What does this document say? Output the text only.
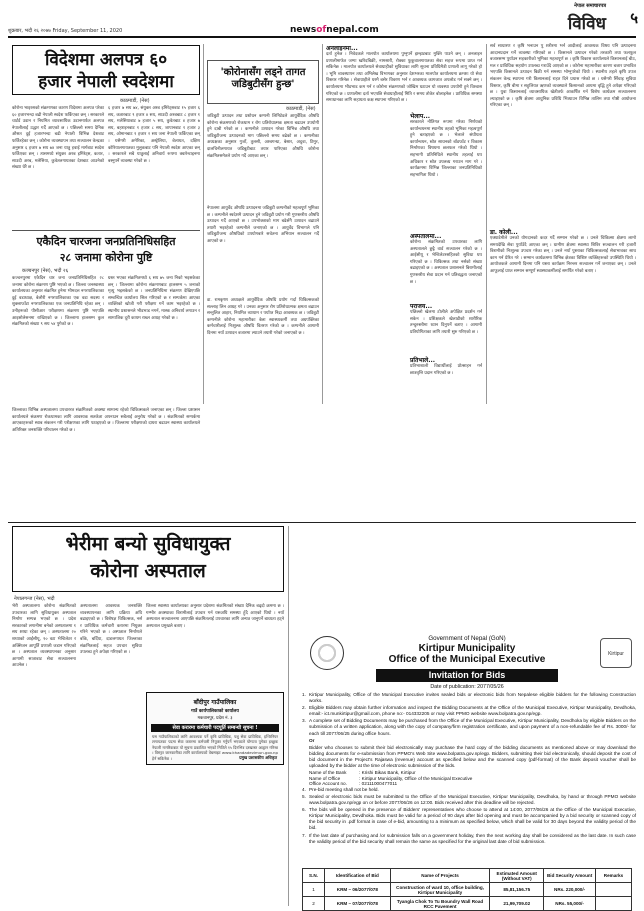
शुक्रबार, भदौ २६ २०७७ Friday, September 11, 2020	newsofnepal.com
नेपाल समाचारपत्र
विविध ५
विदेशमा अलपत्र ६०
हजार नेपाली स्वदेशमा
काठमाडौं, (नेस)
कोरोना भाइरसको संक्रमणका कारण विदेशमा अलपत्र परेका ६० हजारभन्दा बढी नेपाली स्वदेश फर्किएका छन् । सरकारले चार्टर्ड उडान र नियमित व्यावसायिक उडानमार्फत अलपत्र नेपालीलाई उद्धार गर्दै आएको छ । पछिल्लो समय दैनिक औसत दुई हजारभन्दा बढी नेपाली विभिन्न देशबाट फर्किरहेका छन् । कोरोना व्यवस्थापन तथा सञ्चालन केन्द्रका अनुसार ६ हजार ७ सय ७४ जना यात्रु हवाई मार्गबाट स्वदेश फर्किएका छन् । त्यसमध्ये संयुक्त अरब इमिरेट्स, कतार, साउदी अरब, मलेसिया, कुवेतलगायतका देशबाट आउनेको संख्या धेरै छ ।
६ हजार ७ सय ७४, संयुक्त अरब इमिरेट्सबाट १५ हजार ६ सय, कतारबाट ९ हजार ४ सय, साउदी अरबबाट ८ हजार १ सय, मलेसियाबाट ७ हजार ५ सय, कुवेतबाट ४ हजार ७ सय, बहराइनबाट १ हजार ८ सय, जापानबाट १ हजार ३ सय, ओमानबाट १ हजार २ सय जना नेपाली फर्किएका छन् । यसैगरी अमेरिका, अस्ट्रेलिया, बेलायत, दक्षिण कोरियालगायतका मुलुकबाट पनि नेपाली स्वदेश आएका छन् । सरकारले सबै यात्रुलाई अनिवार्य रूपमा क्वारेन्टाइनमा बस्नुपर्ने व्यवस्था गरेको छ ।
'कोरोनासँग लड्ने तागत जडिबुटीसँग हुन्छ'
काठमाडौं, (नेस)
जडिबुटी उत्पादन तथा प्रशोधन कम्पनी लिमिटेडले आयुर्वेदिक औषधि कोरोना संक्रमणको रोकथाम र रोग प्रतिरोधात्मक क्षमता बढाउन उपयोगी हुने दाबी गरेको छ । कम्पनीले उत्पादन गरेका विभिन्न औषधि तथा जडिबुटीजन्य उत्पादनको माग पछिल्लो समय बढेको छ । कम्पनीका अध्यक्षका अनुसार गुर्जो, तुलसी, अश्वगन्धा, बेसार, अदुवा, टिमुर, दालचिनीलगायत जडिबुटीबाट तयार पारिएका औषधि कोरोना संक्रमितसमेतले प्रयोग गर्दै आएका छन् ।
नेपालमा आयुर्वेद औषधि उत्पादनमा जडिबुटी कम्पनीको महत्वपूर्ण भूमिका छ । कम्पनीले स्वदेशमै उत्पादन हुने जडिबुटी प्रयोग गरी गुणस्तरीय औषधि उत्पादन गर्दै आएको छ । उपभोक्ताको माग बढेसँगै उत्पादन बढाउने तयारी भइरहेको कम्पनीले जनाएको छ । आयुर्वेद विभागले पनि जडिबुटीजन्य औषधिको उपयोगबारे सचेतना अभियान सञ्चालन गर्दै आएको छ ।
डा. रामकृष्ण अध्यक्षले आयुर्वेदिक औषधि प्रयोग गर्दा चिकित्सकको सल्लाह लिन आग्रह गरे । उनका अनुसार रोग प्रतिरोधात्मक क्षमता बढाउन सन्तुलित आहार, नियमित व्यायाम र पर्याप्त निद्रा आवश्यक छ । जडिबुटी कम्पनीले कोरोना महामारीका बेला स्वास्थ्यकर्मी तथा अग्रपंक्तिका कर्मचारीलाई निःशुल्क औषधि वितरण गरेको छ । कम्पनीले आगामी दिनमा नयाँ उत्पादन बजारमा ल्याउने तयारी गरेको जनाएको छ ।
एकैदिन चारजना जनप्रतिनिधिसहित
२८ जनामा कोरोना पुष्टि
कञ्चनपुर (नेस), भदौ २६
कञ्चनपुरमा एकैदिन चार जना जनप्रतिनिधिसहित २८ जनामा कोरोना संक्रमण पुष्टि भएको छ । जिल्ला जनस्वास्थ्य कार्यालयका अनुसार संक्रमित हुनेमा भीमदत्त नगरपालिकाका दुई वडाध्यक्ष, बेलौरी नगरपालिकाका एक वडा सदस्य र शुक्लाफाँटा नगरपालिकाका एक जनप्रतिनिधि रहेका छन् । उनीहरूको पीसीआर परीक्षणमा संक्रमण पुष्टि भएपछि आइसोलेसनमा राखिएको छ । जिल्लामा हालसम्म कुल संक्रमितको संख्या ९ सय ५४ पुगेको छ ।
ग्रस्त भएका संक्रमितमध्ये ६ सय ७५ जना निको भइसकेका छन् । जिल्लामा कोरोना संक्रमणबाट हालसम्म ५ जनाको मृत्यु भइसकेको छ । जनप्रतिनिधिमा संक्रमण देखिएपछि सम्बन्धित कार्यालय सिल गरिएको छ र सम्पर्कमा आएका व्यक्तिको खोजी गरी परीक्षण गर्ने काम भइरहेको छ । स्थानीय प्रशासनले भीडभाड नगर्न, मास्क अनिवार्य लगाउन र सामाजिक दूरी कायम राख्न आग्रह गरेको छ ।
जिल्लाका विभिन्न अस्पतालमा उपचाररत संक्रमितको अवस्था सामान्य रहेको चिकित्सकले जनाएका छन् । जिल्ला प्रशासन कार्यालयले संक्रमण रोकथामका लागि आवश्यक सतर्कता अपनाउन सबैलाई अनुरोध गरेको छ । संक्रमितको सम्पर्कमा आएकाहरूको स्वाब संकलन गरी परीक्षणका लागि पठाइएको छ । जिल्लामा परीक्षणको दायरा बढाउन स्वास्थ्य कार्यालयले अतिरिक्त जनशक्ति परिचालन गरेको छ ।
अनलाइनमा...
दर्ता हुनेछ । निवेदकले मालपोत कार्यालयमा पुग्नुपर्ने झन्झटबाट मुक्ति पाउने छन् । अनलाइन प्रणालीमार्फत जग्गा खरिदबिक्री, नामसारी, रोक्का फुकुवालगायतका सेवा सहज रूपमा प्राप्त गर्न सकिनेछ । मालपोत कार्यालयले सेवाग्राहीको सुविधाका लागि सूचना प्रविधिमैत्री प्रणाली लागू गरेको हो । भूमि व्यवस्थापन तथा अभिलेख विभागका अनुसार देशभरका मालपोत कार्यालयमा क्रमशः यो सेवा विस्तार गरिनेछ । सेवाग्राहीले घरमै बसेर विवरण भर्न र आवश्यक कागजात अपलोड गर्न सक्ने छन् । कार्यालयमा भीडभाड कम गर्न र कोरोना संक्रमणको जोखिम घटाउन यो व्यवस्था उपयोगी हुने विश्वास गरिएको छ । प्रणालीमा दर्ता भएपछि सेवाग्राहीलाई मिति र समय तोकेर बोलाइनेछ । प्राविधिक समस्या समाधानका लागि सहायता कक्ष स्थापना गरिएको छ ।
भेलाप...
सरकारले नीतिगत रूपमा गरेका निर्णयको कार्यान्वयनमा स्थानीय तहको भूमिका महत्वपूर्ण हुने बताइएको छ । भेलाले संघीयता कार्यान्वयन, स्रोत साधनको बाँडफाँट र विकास निर्माणका विषयमा छलफल गरेको थियो । सहभागी प्रतिनिधिले स्थानीय तहलाई थप अधिकार र स्रोत उपलब्ध गराउन माग गरे । कार्यक्रममा विभिन्न जिल्लाका जनप्रतिनिधिको सहभागिता थियो ।
अस्पतालमा...
कोरोना संक्रमितको उपचारका लागि अस्पतालले छुट्टै वार्ड सञ्चालन गरेको छ । आईसीयू र भेन्टिलेटरसहितको सुविधा थप गरिएको छ । चिकित्सक तथा नर्सको संख्या बढाइएको छ । अस्पताल प्रशासनले बिरामीलाई गुणस्तरीय सेवा प्रदान गर्न प्रतिबद्धता जनाएको छ ।
पराजय...
पछिल्लो खेलमा टोलीले अपेक्षित प्रदर्शन गर्न सकेन । प्रशिक्षकले खेलाडीको शारीरिक तन्दुरुस्तीमा ध्यान दिनुपर्ने बताए । आगामी प्रतियोगिताका लागि तयारी सुरु गरिएको छ ।
प्रतिभाले...
प्रतिभाशाली विद्यार्थीलाई प्रोत्साहन गर्न छात्रवृत्ति प्रदान गरिएको छ ।
सर्व साधारण र कृषि भनाउन पु शरीरमा भर्न आदीलाई आवश्यक विषय पनि उत्पादनमा आदानप्रदान गर्ने व्यवस्था गरिएको छ । किसानले उत्पादन गरेको तरकारी तथा फलफूल बजारसम्म पुर्याउन सहकारीको भूमिका महत्वपूर्ण छ । कृषि विकास कार्यालयले किसानलाई बीउ, मल र प्राविधिक सहयोग उपलब्ध गराउँदै आएको छ । कोरोना महामारीका कारण बजार प्रभावित भएपछि किसानले उत्पादन बिक्री गर्न समस्या भोग्नुपरेको थियो । स्थानीय तहले कृषि उपज संकलन केन्द्र स्थापना गरी किसानलाई राहत दिने प्रयास गरेको छ । यसैगरी सिँचाइ सुविधा विस्तार, कृषि बीमा र सहुलियत ऋणको व्यवस्थाले किसानको आयमा वृद्धि हुने अपेक्षा गरिएको छ । युवा किसानलाई व्यावसायिक खेतीतर्फ आकर्षित गर्न विशेष कार्यक्रम सञ्चालनमा ल्याइएको छ । कृषि क्षेत्रमा आधुनिक प्रविधि भित्र्याउन विभिन्न तालिम तथा गोष्ठी आयोजना गरिएका छन् ।
डा. कोली...
एक्याडेमीले उनको योगदानको कदर गर्दै सम्मान गरेको छ । उनले चिकित्सा क्षेत्रमा लामो समयदेखि सेवा पुर्याउँदै आएका छन् । ग्रामीण क्षेत्रमा स्वास्थ्य शिविर सञ्चालन गरी हजारौं बिरामीको निःशुल्क उपचार गरेका छन् । उनले नयाँ पुस्ताका चिकित्सकलाई सेवाभावका साथ काम गर्न प्रेरित गरे । सम्मान कार्यक्रममा विभिन्न क्षेत्रका विशिष्ट व्यक्तिहरूको उपस्थिति थियो । आयोजकले आगामी दिनमा पनि यस्ता कार्यक्रम निरन्तर सञ्चालन गर्ने जनाएका छन् । उनले आफूलाई प्राप्त सम्मान सम्पूर्ण स्वास्थ्यकर्मीलाई समर्पित गरेको बताए ।
भेरीमा बन्यो सुविधायुक्त
कोरोना अस्पताल
नेपालगन्ज (नेस), भदौ
भेरी अस्पतालमा कोरोना संक्रमितको उपचारका लागि सुविधायुक्त अस्पताल निर्माण सम्पन्न भएको छ । प्रदेश सरकारको लगानीमा बनेको अस्पतालमा १ सय शय्या रहेका छन् । अस्पतालमा २० शय्याको आईसीयू, १० वटा भेन्टिलेटर र अक्सिजन आपूर्ति प्रणाली जडान गरिएको छ । अस्पताल व्यवस्थापनका अनुसार आगामी साताबाट सेवा सञ्चालनमा आउनेछ ।
अस्पतालमा आवश्यक जनशक्ति व्यवस्थापनका लागि प्रक्रिया अघि बढाइएको छ । विशेषज्ञ चिकित्सक, नर्स र प्राविधिक कर्मचारी करारमा नियुक्त गरिने भएको छ । अस्पताल निर्माणले बाँके, बर्दिया, दाङलगायत जिल्लाका संक्रमितलाई सहज उपचार सुविधा उपलब्ध हुने अपेक्षा गरिएको छ ।
जिल्ला स्वास्थ्य कार्यालयका अनुसार प्रदेशमा संक्रमितको संख्या दैनिक बढ्दो क्रममा छ । गम्भीर अवस्थाका बिरामीलाई उपचार गर्न यसअघि समस्या हुँदै आएको थियो । नयाँ अस्पताल सञ्चालनमा आएपछि संक्रमितलाई उपचारका लागि अन्यत्र जानुपर्ने बाध्यता हट्ने अस्पताल प्रमुखले बताए ।
बाँदीपुर गाउँपालिका
गाउँ कार्यपालिकाको कार्यालय
मकवानपुर, प्रदेश नं. ३
सेवा करारमा कर्मचारी पदपूर्ति सम्बन्धी सूचना !
यस गाउँपालिकाको लागि आवश्यक पर्ने कृषि प्राविधिक, पशु सेवा प्राविधिक, इन्जिनियर लगायतका पदमा सेवा करारमा कर्मचारी नियुक्त गर्नुपर्ने भएकाले योग्यता पुगेका इच्छुक नेपाली नागरिकबाट यो सूचना प्रकाशित भएको मितिले १५ दिनभित्र दरखास्त आह्वान गरिन्छ । विस्तृत जानकारीका लागि कार्यालयको वेबसाइट www.khandadevimun.gov.np हेर्न सकिनेछ ।	प्रमुख प्रशासकीय अधिकृत
Kirtipur
Government of Nepal (GoN)
Kirtipur Municipality
Office of the Municipal Executive
Invitation for Bids
Date of publication: 2077/05/26
1. Kirtipur Municipality, Office of the Municipal Executive invites sealed bids or electronic bids from Nepalese eligible bidders for the following Construction works.
2. Eligible Bidders may obtain further information and inspect the Bidding Documents at the Office of the Municipal Executive, Kirtipur Municipality, Devdhoka, email:- ict.munkirtipur@gmail.com, phone no:- 014332205 or may visit PPMO website www.bolpatra.gov.np/egp.
3. A complete set of Bidding Documents may be purchased from the Office of the Municipal Executive, Kirtipur Municipality, Devdhoka by eligible Bidders on the submission of a written application, along with the copy of company/firm registration certificate, and upon payment of a non-refundable fee of Rs. 3000/- for each till 2077/06/25 during office hours.
Or
Bidder who chooses to submit their bid electronically may purchase the hard copy of the bidding documents as mentioned above or may download the bidding documents for e-submission from PPMO's Web Site www.bolpatra.gov.np/egp. Bidders, submitting their bid electronically, should deposit the cost of bid document in the Project's Rajaswa (revenue) account as specified below and the scanned copy (pdf-format) of the Bank deposit voucher shall be uploaded by the bidder at the time of electronic submission of the bids.
Name of the Bank	: Krishi Bikas Bank, Kirtipur
Name of Office	: Kirtipur Municipality, Office of the Municipal Executive
Office Account no.	: 02111000477011
4. Pre-bid meeting shall not be held.
5. Sealed or electronic bids must be submitted to the Office of the Municipal Executive, Kirtipur Municipality, Devdhoka, by hand or through PPMO website www.bolpatra.gov.np/egp on or before 2077/06/26 on 12:00. Bids received after this deadline will be rejected.
6. The bids will be opened in the presence of Bidders' representatives who choose to attend at 14:00, 2077/06/26 at the Office of the Municipal Executive, Kirtipur Municipality, Devdhoka. Bids must be valid for a period of 90 days after bid opening and must be accompanied by a bid security or scanned copy of the bid security in .pdf format in case of e-bid, amounting to a minimum as specified below, which shall be valid for 30 days beyond the validity period of the bid.
7. If the last date of purchasing and /or submission falls on a government holiday, then the next working day shall be considered as the last date. In such case the validity period of the bid security shall remain the same as specified for the original last date of bid submission.
S.N.	Identification of Bid	Name of Projects	Estimated Amount (Without VAT)	Bid Security Amount	Remarks
1	KRM – 06/2077/078	Construction of ward 10, office building, Kirtipur Municipality	85,81,156.75	NRs. 220,000/-	
2	KRM – 07/2077/078	Tyangla Chok To Tu Boundry Wall Road RCC Pavement	21,99,709.02	NRs. 55,000/-	
